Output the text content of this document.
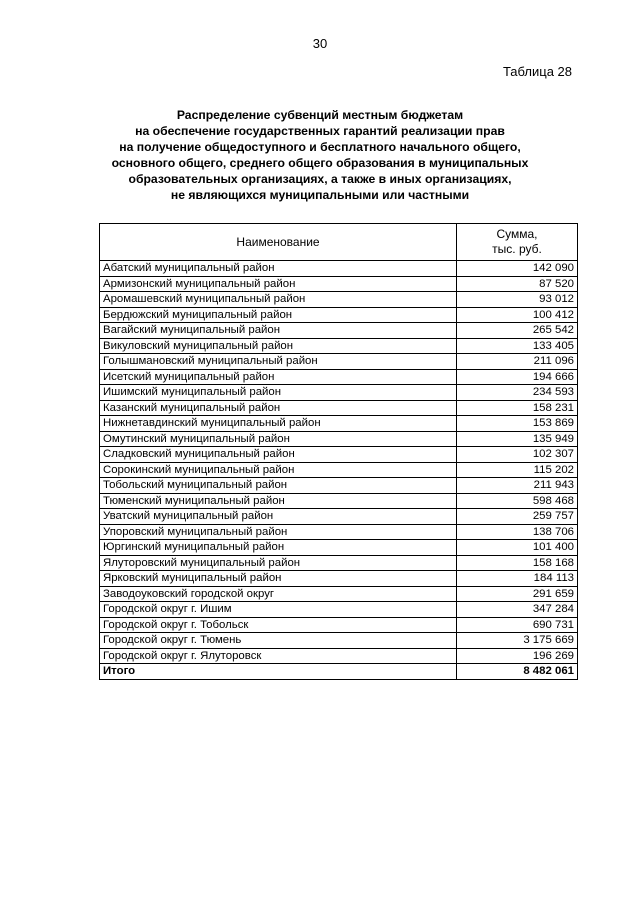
30
Таблица 28
Распределение субвенций местным бюджетам
на обеспечение государственных гарантий реализации прав
на получение общедоступного и бесплатного начального общего,
основного общего, среднего общего образования в муниципальных
образовательных организациях, а также в иных организациях,
не являющихся муниципальными или частными
Наименование	Сумма,
тыс. руб.

Абатский муниципальный район	142 090
Армизонский муниципальный район	87 520
Аромашевский муниципальный район	93 012
Бердюжский муниципальный район	100 412
Вагайский муниципальный район	265 542
Викуловский муниципальный район	133 405
Голышмановский муниципальный район	211 096
Исетский муниципальный район	194 666
Ишимский муниципальный район	234 593
Казанский муниципальный район	158 231
Нижнетавдинский муниципальный район	153 869
Омутинский муниципальный район	135 949
Сладковский муниципальный район	102 307
Сорокинский муниципальный район	115 202
Тобольский муниципальный район	211 943
Тюменский муниципальный район	598 468
Уватский муниципальный район	259 757
Упоровский муниципальный район	138 706
Юргинский муниципальный район	101 400
Ялуторовский муниципальный район	158 168
Ярковский муниципальный район	184 113
Заводоуковский городской округ	291 659
Городской округ г. Ишим	347 284
Городской округ г. Тобольск	690 731
Городской округ г. Тюмень	3 175 669
Городской округ г. Ялуторовск	196 269
Итого	8 482 061
